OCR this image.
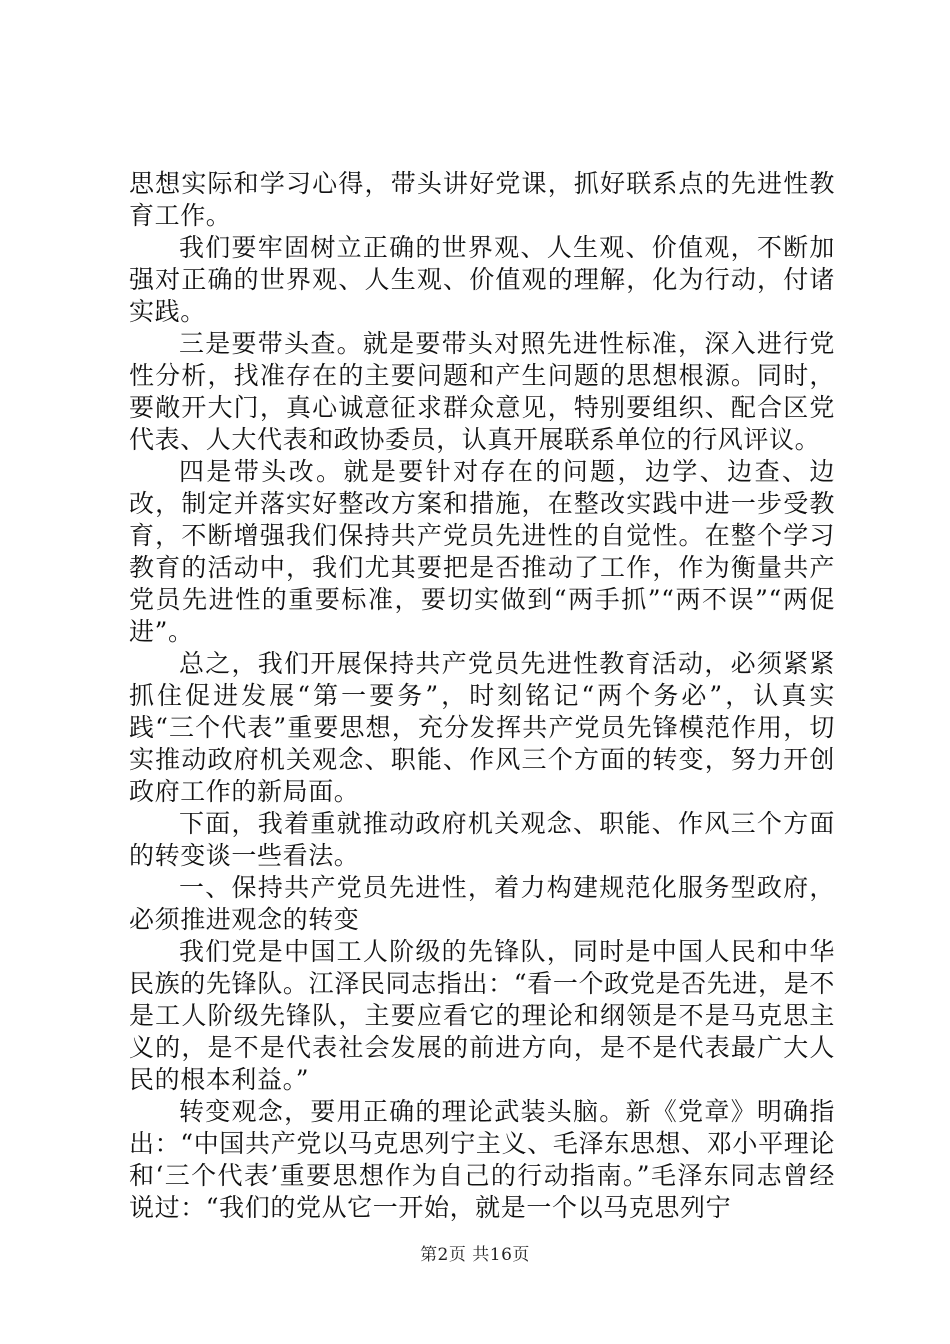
思想实际和学习心得，带头讲好党课，抓好联系点的先进性教育工作。

我们要牢固树立正确的世界观、人生观、价值观，不断加强对正确的世界观、人生观、价值观的理解，化为行动，付诸实践。

三是要带头查。就是要带头对照先进性标准，深入进行党性分析，找准存在的主要问题和产生问题的思想根源。同时，要敞开大门，真心诚意征求群众意见，特别要组织、配合区党代表、人大代表和政协委员，认真开展联系单位的行风评议。

四是带头改。就是要针对存在的问题，边学、边查、边改，制定并落实好整改方案和措施，在整改实践中进一步受教育，不断增强我们保持共产党员先进性的自觉性。在整个学习教育的活动中，我们尤其要把是否推动了工作，作为衡量共产党员先进性的重要标准，要切实做到“两手抓”“两不误”“两促进”。

总之，我们开展保持共产党员先进性教育活动，必须紧紧抓住促进发展“第一要务”，时刻铭记“两个务必”，认真实践“三个代表”重要思想，充分发挥共产党员先锋模范作用，切实推动政府机关观念、职能、作风三个方面的转变，努力开创政府工作的新局面。

下面，我着重就推动政府机关观念、职能、作风三个方面的转变谈一些看法。

一、保持共产党员先进性，着力构建规范化服务型政府，必须推进观念的转变

我们党是中国工人阶级的先锋队，同时是中国人民和中华民族的先锋队。江泽民同志指出：“看一个政党是否先进，是不是工人阶级先锋队，主要应看它的理论和纲领是不是马克思主义的，是不是代表社会发展的前进方向，是不是代表最广大人民的根本利益。”

转变观念，要用正确的理论武装头脑。新《党章》明确指出：“中国共产党以马克思列宁主义、毛泽东思想、邓小平理论和‘三个代表’重要思想作为自己的行动指南。”毛泽东同志曾经说过：“我们的党从它一开始，就是一个以马克思列宁

第2页 共16页
